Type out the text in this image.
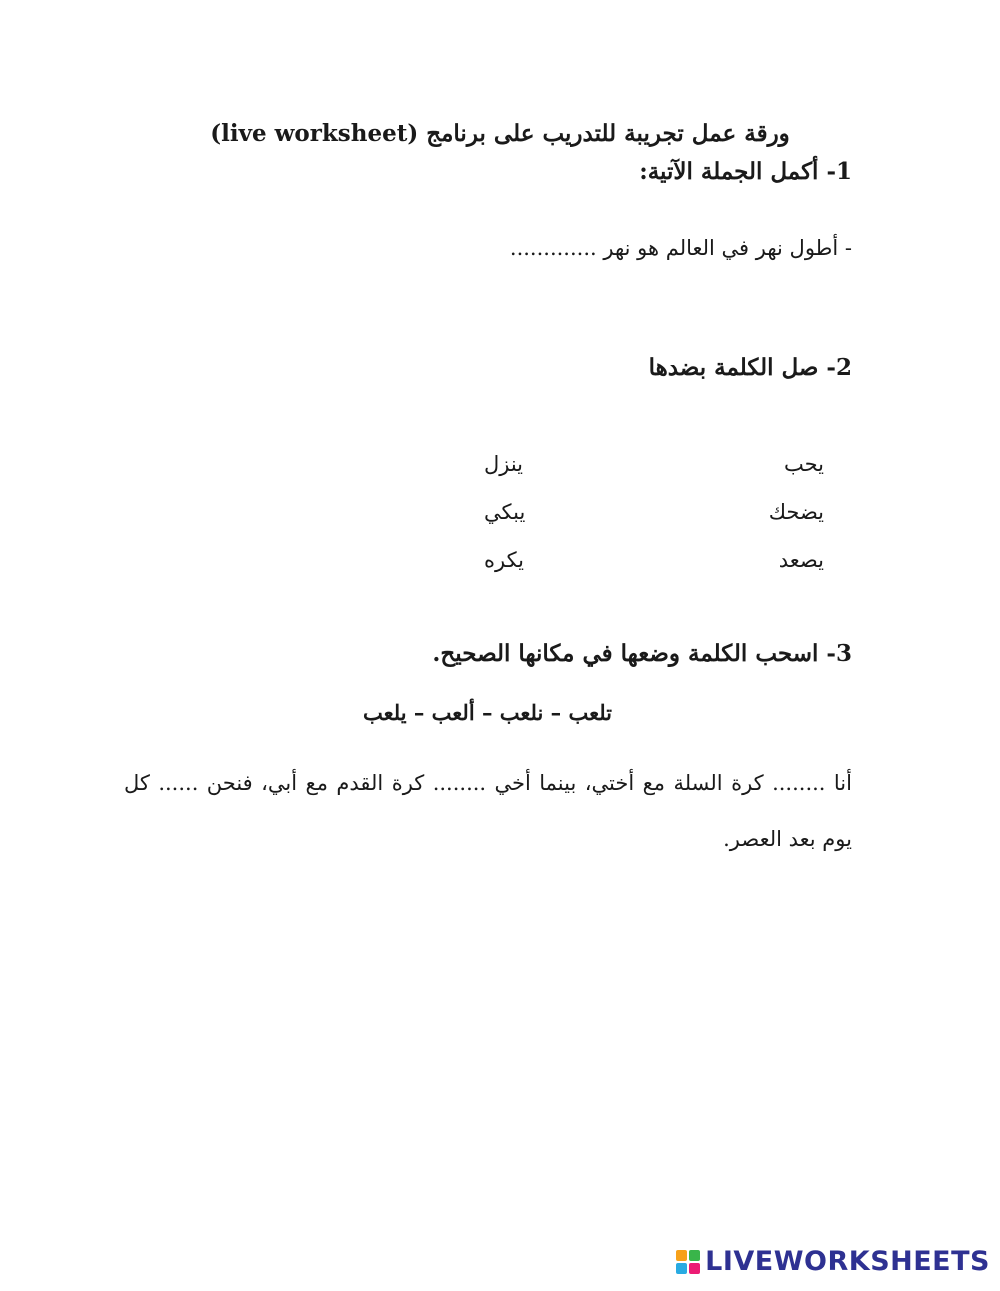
ورقة عمل تجريبة للتدريب على برنامج (live worksheet)
1- أكمل الجملة الآتية:
- أطول نهر في العالم هو نهر .............
2- صل الكلمة بضدها
يحب
ينزل
يضحك
يبكي
يصعد
يكره
3- اسحب الكلمة وضعها في مكانها الصحيح.
تلعب – نلعب – ألعب – يلعب
أنا ........ كرة السلة مع أختي، بينما أخي ........ كرة القدم مع أبي، فنحن ...... كل يوم بعد العصر.
LIVEWORKSHEETS
